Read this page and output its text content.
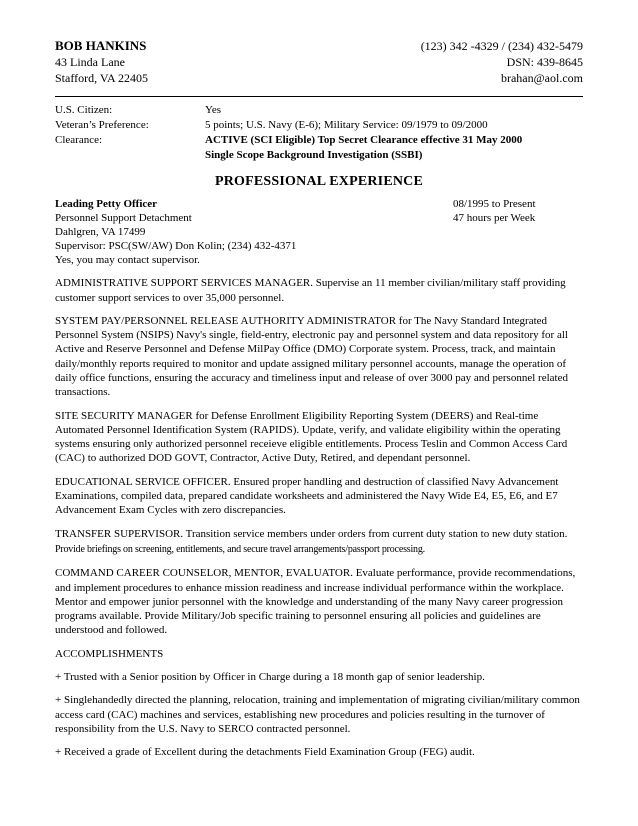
BOB HANKINS	(123) 342 -4329 / (234) 432-5479
43 Linda Lane	DSN: 439-8645
Stafford, VA 22405	brahan@aol.com
U.S. Citizen:	Yes
Veteran’s Preference:	5 points; U.S. Navy (E-6); Military Service: 09/1979 to 09/2000
Clearance:	ACTIVE (SCI Eligible) Top Secret Clearance effective 31 May 2000
Single Scope Background Investigation (SSBI)
PROFESSIONAL EXPERIENCE
Leading Petty Officer	08/1995 to Present
Personnel Support Detachment	47 hours per Week
Dahlgren, VA 17499
Supervisor: PSC(SW/AW) Don Kolin; (234) 432-4371
Yes, you may contact supervisor.
ADMINISTRATIVE SUPPORT SERVICES MANAGER. Supervise an 11 member civilian/military staff providing customer support services to over 35,000 personnel.
SYSTEM PAY/PERSONNEL RELEASE AUTHORITY ADMINISTRATOR for The Navy Standard Integrated Personnel System (NSIPS) Navy's single, field-entry, electronic pay and personnel system and data repository for all Active and Reserve Personnel and Defense MilPay Office (DMO) Corporate system. Process, track, and maintain daily/monthly reports required to monitor and update assigned military personnel accounts, manage the operation of daily office functions, ensuring the accuracy and timeliness input and release of over 3000 pay and personnel related transactions.
SITE SECURITY MANAGER for Defense Enrollment Eligibility Reporting System (DEERS) and Real-time Automated Personnel Identification System (RAPIDS). Update, verify, and validate eligibility within the operating systems ensuring only authorized personnel receieve eligible entitlements. Process Teslin and Common Access Card (CAC) to authorized DOD GOVT, Contractor, Active Duty, Retired, and dependant personnel.
EDUCATIONAL SERVICE OFFICER. Ensured proper handling and destruction of classified Navy Advancement Examinations, compiled data, prepared candidate worksheets and administered the Navy Wide E4, E5, E6, and E7 Advancement Exam Cycles with zero discrepancies.
TRANSFER SUPERVISOR. Transition service members under orders from current duty station to new duty station. Provide briefings on screening, entitlements, and secure travel arrangements/passport processing.
COMMAND CAREER COUNSELOR, MENTOR, EVALUATOR. Evaluate performance, provide recommendations, and implement procedures to enhance mission readiness and increase individual performance within the workplace. Mentor and empower junior personnel with the knowledge and understanding of the many Navy career progression programs available. Provide Military/Job specific training to personnel ensuring all policies and guidelines are understood and followed.
ACCOMPLISHMENTS
+ Trusted with a Senior position by Officer in Charge during a 18 month gap of senior leadership.
+ Singlehandedly directed the planning, relocation, training and implementation of migrating civilian/military common access card (CAC) machines and services, establishing new procedures and policies resulting in the turnover of responsibility from the U.S. Navy to SERCO contracted personnel.
+ Received a grade of Excellent during the detachments Field Examination Group (FEG) audit.
